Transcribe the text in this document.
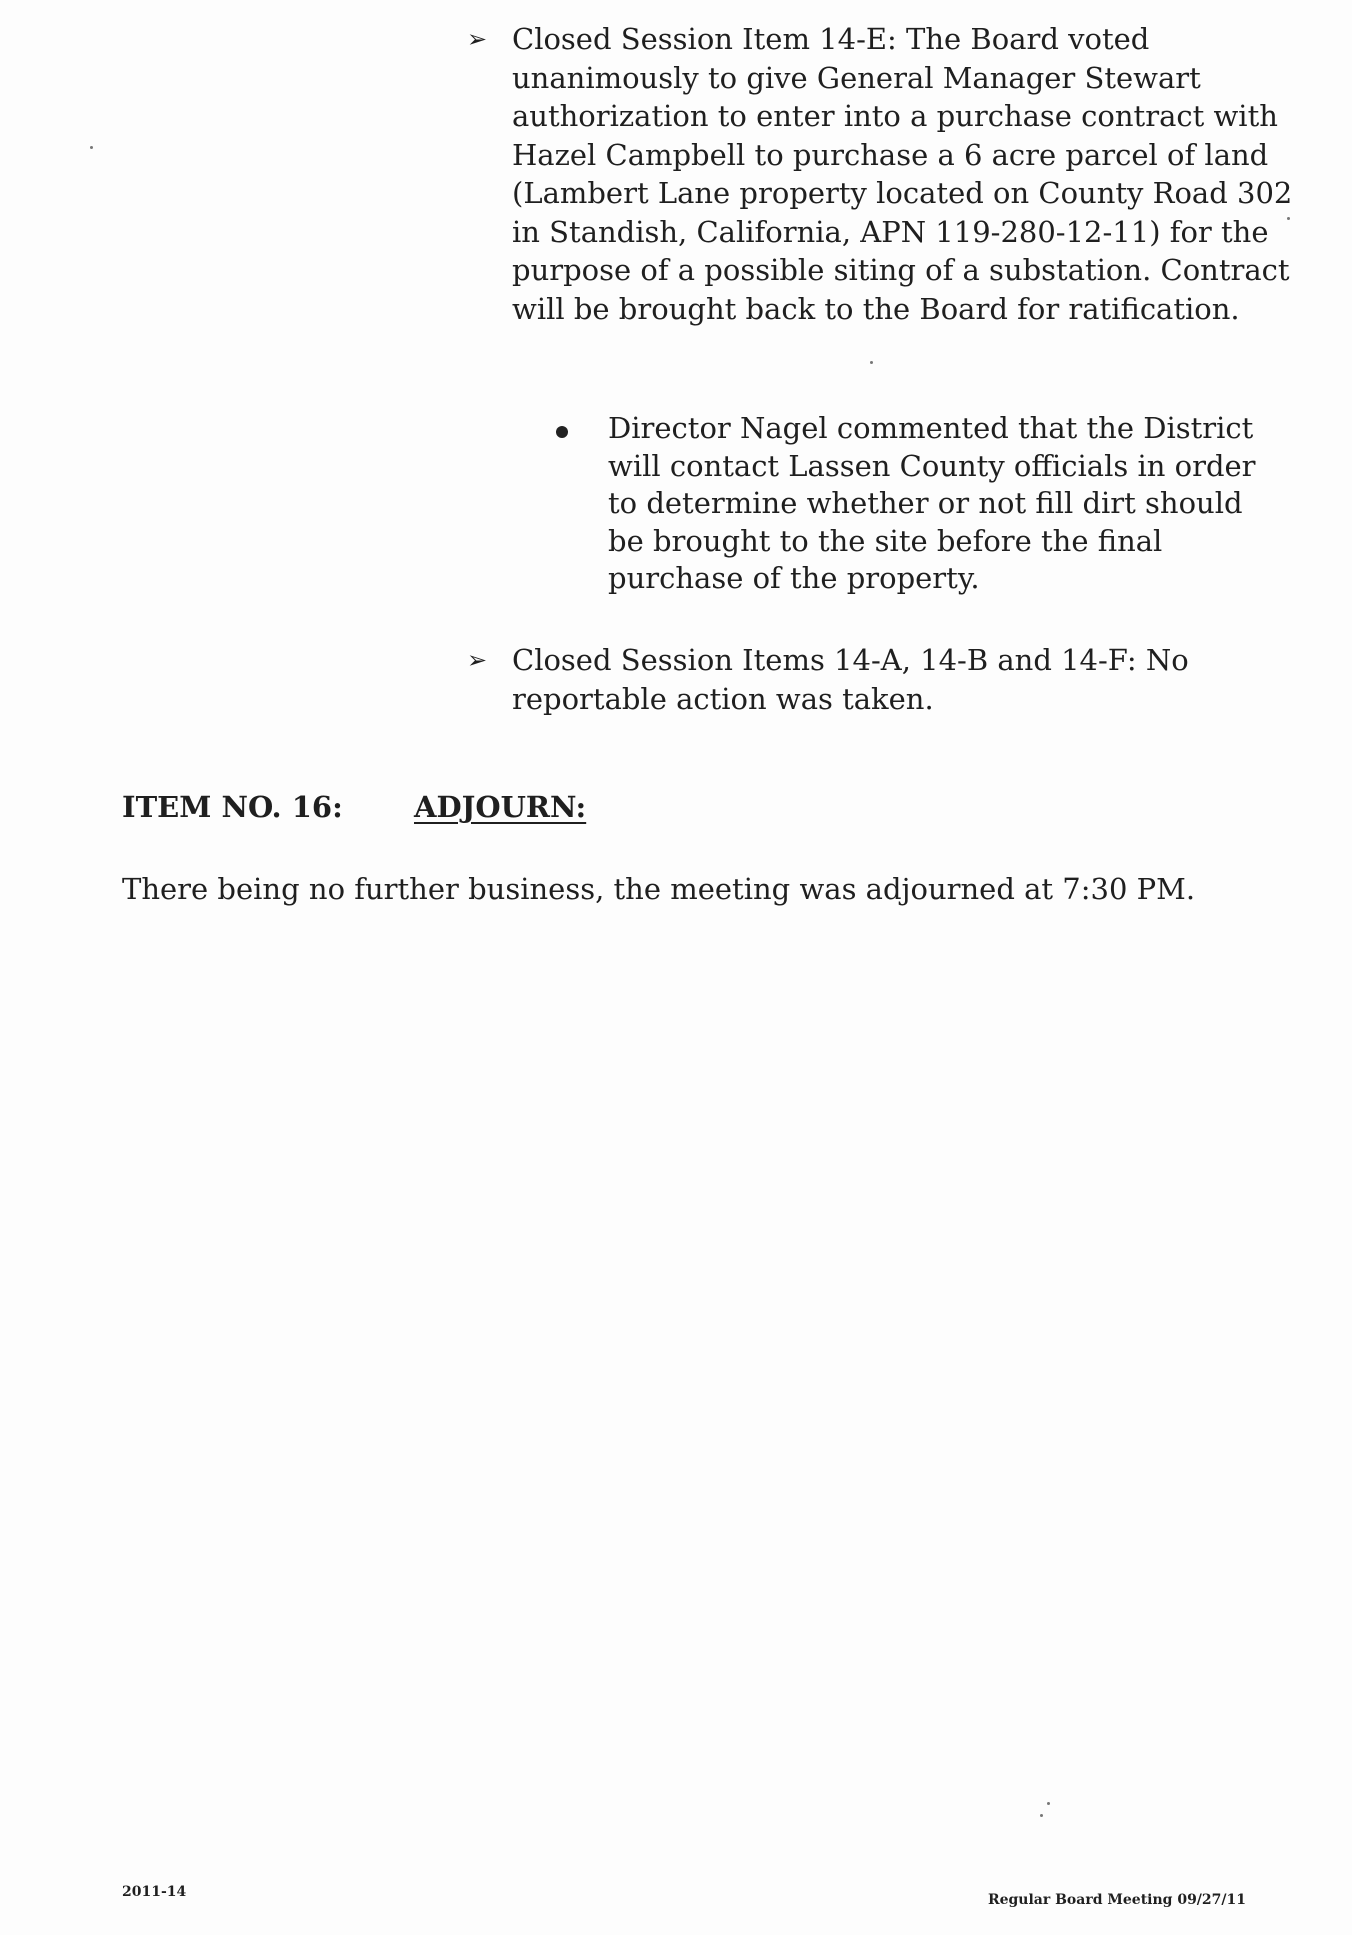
➢ Closed Session Item 14-E: The Board voted unanimously to give General Manager Stewart authorization to enter into a purchase contract with Hazel Campbell to purchase a 6 acre parcel of land (Lambert Lane property located on County Road 302 in Standish, California, APN 119-280-12-11) for the purpose of a possible siting of a substation. Contract will be brought back to the Board for ratification.
Director Nagel commented that the District will contact Lassen County officials in order to determine whether or not fill dirt should be brought to the site before the final purchase of the property.
➢ Closed Session Items 14-A, 14-B and 14-F: No reportable action was taken.
ITEM NO. 16: ADJOURN:
There being no further business, the meeting was adjourned at 7:30 PM.
2011-14	Regular Board Meeting 09/27/11
